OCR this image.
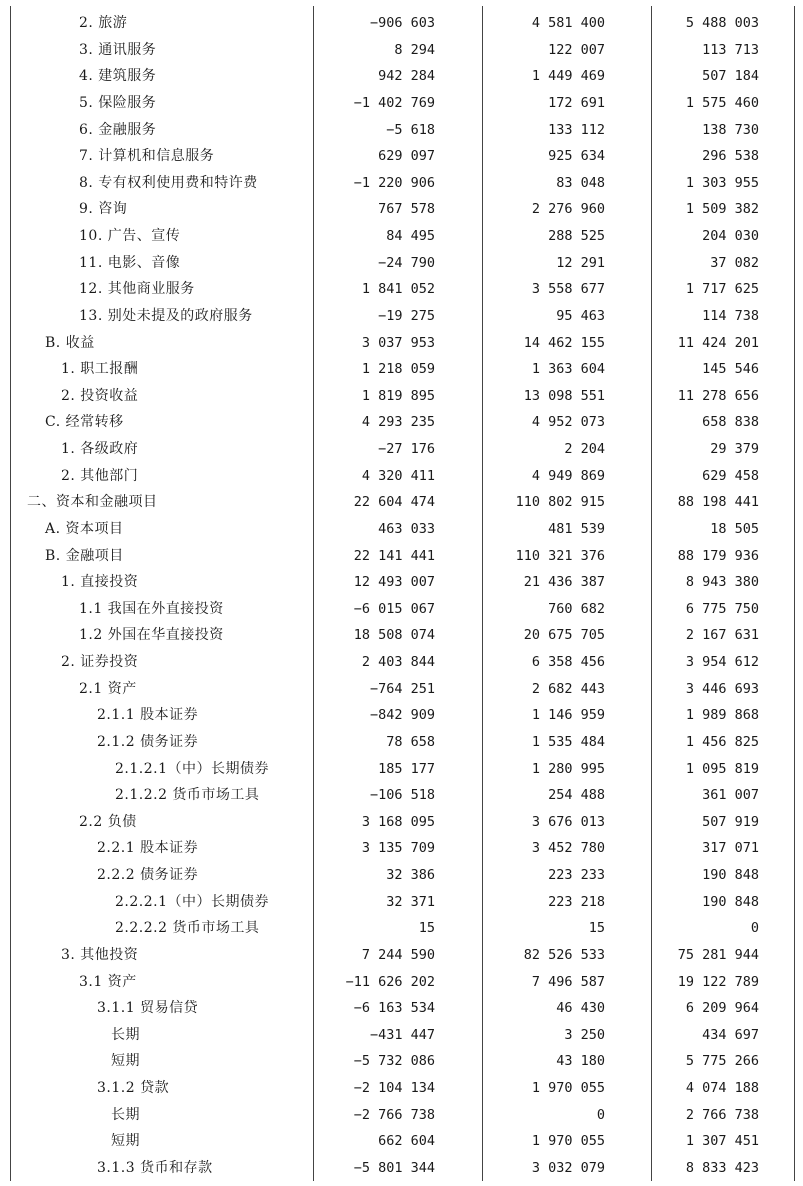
2. 旅游	−906 603	4 581 400	5 488 003
3. 通讯服务	8 294	122 007	113 713
4. 建筑服务	942 284	1 449 469	507 184
5. 保险服务	−1 402 769	172 691	1 575 460
6. 金融服务	−5 618	133 112	138 730
7. 计算机和信息服务	629 097	925 634	296 538
8. 专有权利使用费和特许费	−1 220 906	83 048	1 303 955
9. 咨询	767 578	2 276 960	1 509 382
10. 广告、宣传	84 495	288 525	204 030
11. 电影、音像	−24 790	12 291	37 082
12. 其他商业服务	1 841 052	3 558 677	1 717 625
13. 别处未提及的政府服务	−19 275	95 463	114 738
B. 收益	3 037 953	14 462 155	11 424 201
1. 职工报酬	1 218 059	1 363 604	145 546
2. 投资收益	1 819 895	13 098 551	11 278 656
C. 经常转移	4 293 235	4 952 073	658 838
1. 各级政府	−27 176	2 204	29 379
2. 其他部门	4 320 411	4 949 869	629 458
二、资本和金融项目	22 604 474	110 802 915	88 198 441
A. 资本项目	463 033	481 539	18 505
B. 金融项目	22 141 441	110 321 376	88 179 936
1. 直接投资	12 493 007	21 436 387	8 943 380
1.1 我国在外直接投资	−6 015 067	760 682	6 775 750
1.2 外国在华直接投资	18 508 074	20 675 705	2 167 631
2. 证券投资	2 403 844	6 358 456	3 954 612
2.1 资产	−764 251	2 682 443	3 446 693
2.1.1 股本证券	−842 909	1 146 959	1 989 868
2.1.2 债务证券	78 658	1 535 484	1 456 825
2.1.2.1（中）长期债券	185 177	1 280 995	1 095 819
2.1.2.2 货币市场工具	−106 518	254 488	361 007
2.2 负债	3 168 095	3 676 013	507 919
2.2.1 股本证券	3 135 709	3 452 780	317 071
2.2.2 债务证券	32 386	223 233	190 848
2.2.2.1（中）长期债券	32 371	223 218	190 848
2.2.2.2 货币市场工具	15	15	0
3. 其他投资	7 244 590	82 526 533	75 281 944
3.1 资产	−11 626 202	7 496 587	19 122 789
3.1.1 贸易信贷	−6 163 534	46 430	6 209 964
长期	−431 447	3 250	434 697
短期	−5 732 086	43 180	5 775 266
3.1.2 贷款	−2 104 134	1 970 055	4 074 188
长期	−2 766 738	0	2 766 738
短期	662 604	1 970 055	1 307 451
3.1.3 货币和存款	−5 801 344	3 032 079	8 833 423
